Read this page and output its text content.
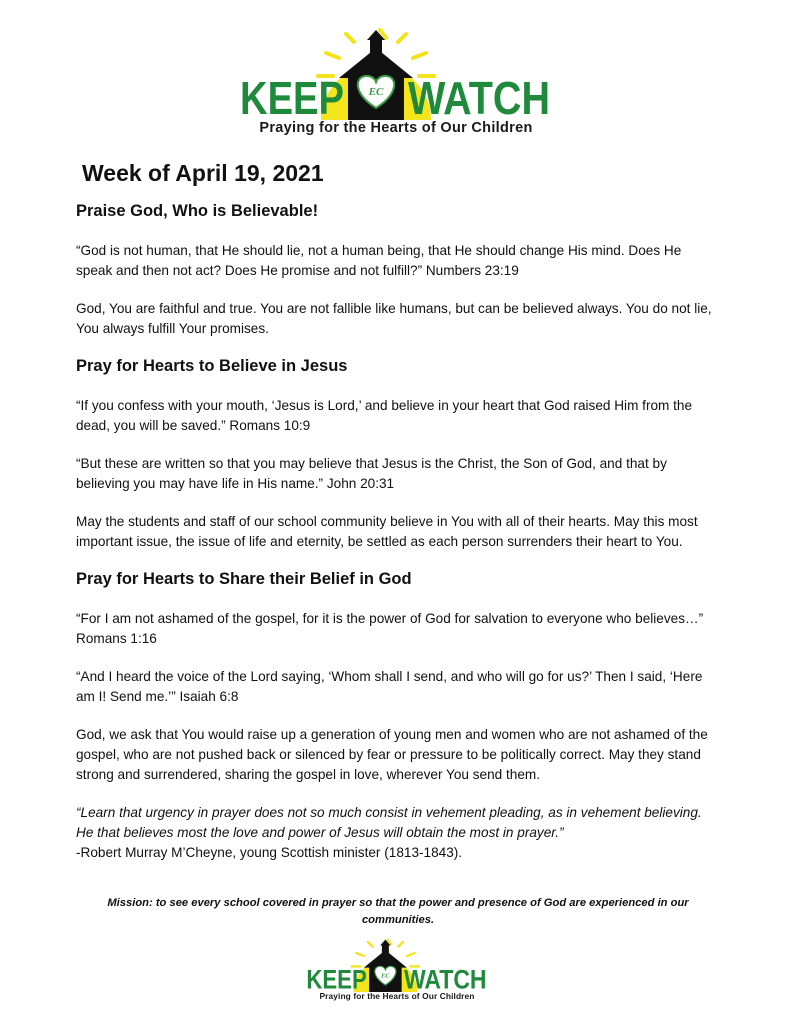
EC
KEEP WATCH
Praying for the Hearts of Our Children
Week of April 19, 2021
Praise God, Who is Believable!

“God is not human, that He should lie, not a human being, that He should change His mind. Does He speak and then not act? Does He promise and not fulfill?” Numbers 23:19

God, You are faithful and true. You are not fallible like humans, but can be believed always. You do not lie, You always fulfill Your promises.

Pray for Hearts to Believe in Jesus

“If you confess with your mouth, ‘Jesus is Lord,’ and believe in your heart that God raised Him from the dead, you will be saved.” Romans 10:9

“But these are written so that you may believe that Jesus is the Christ, the Son of God, and that by believing you may have life in His name.” John 20:31

May the students and staff of our school community believe in You with all of their hearts. May this most important issue, the issue of life and eternity, be settled as each person surrenders their heart to You.

Pray for Hearts to Share their Belief in God

“For I am not ashamed of the gospel, for it is the power of God for salvation to everyone who believes…” Romans 1:16

“And I heard the voice of the Lord saying, ‘Whom shall I send, and who will go for us?’ Then I said, ‘Here am I! Send me.’” Isaiah 6:8

God, we ask that You would raise up a generation of young men and women who are not ashamed of the gospel, who are not pushed back or silenced by fear or pressure to be politically correct. May they stand strong and surrendered, sharing the gospel in love, wherever You send them.

“Learn that urgency in prayer does not so much consist in vehement pleading, as in vehement believing. He that believes most the love and power of Jesus will obtain the most in prayer.”

-Robert Murray M’Cheyne, young Scottish minister (1813-1843).

Mission: to see every school covered in prayer so that the power and presence of God are experienced in our communities.
EC
KEEP WATCH
Praying for the Hearts of Our Children
